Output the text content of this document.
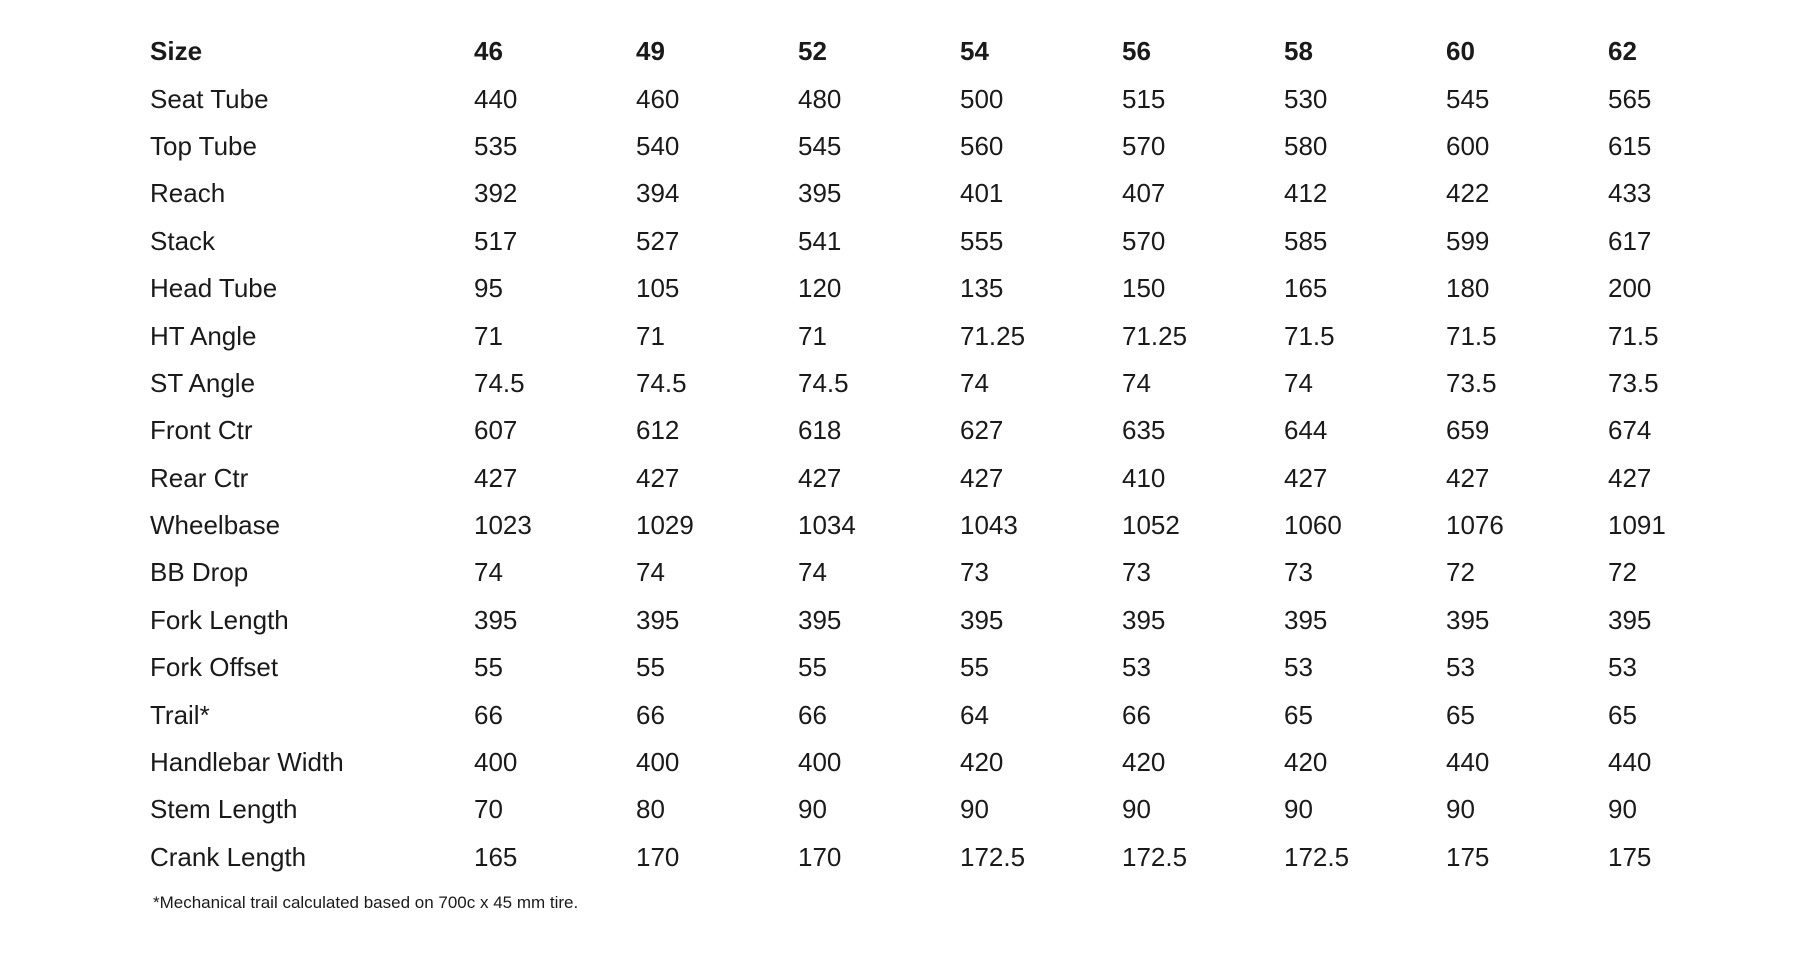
Size	46	49	52	54	56	58	60	62
Seat Tube	440	460	480	500	515	530	545	565
Top Tube	535	540	545	560	570	580	600	615
Reach	392	394	395	401	407	412	422	433
Stack	517	527	541	555	570	585	599	617
Head Tube	95	105	120	135	150	165	180	200
HT Angle	71	71	71	71.25	71.25	71.5	71.5	71.5
ST Angle	74.5	74.5	74.5	74	74	74	73.5	73.5
Front Ctr	607	612	618	627	635	644	659	674
Rear Ctr	427	427	427	427	410	427	427	427
Wheelbase	1023	1029	1034	1043	1052	1060	1076	1091
BB Drop	74	74	74	73	73	73	72	72
Fork Length	395	395	395	395	395	395	395	395
Fork Offset	55	55	55	55	53	53	53	53
Trail*	66	66	66	64	66	65	65	65
Handlebar Width	400	400	400	420	420	420	440	440
Stem Length	70	80	90	90	90	90	90	90
Crank Length	165	170	170	172.5	172.5	172.5	175	175
*Mechanical trail calculated based on 700c x 45 mm tire.
